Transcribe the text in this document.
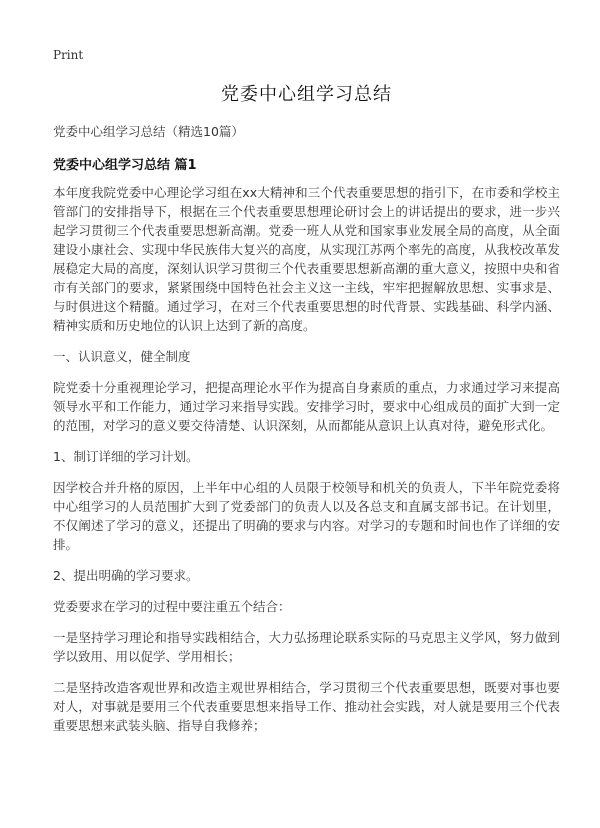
Print
党委中心组学习总结

党委中心组学习总结（精选10篇）

党委中心组学习总结 篇1

本年度我院党委中心理论学习组在xx大精神和三个代表重要思想的指引下，在市委和学校主管部门的安排指导下，根据在三个代表重要思想理论研讨会上的讲话提出的要求，进一步兴起学习贯彻三个代表重要思想新高潮。党委一班人从党和国家事业发展全局的高度，从全面建设小康社会、实现中华民族伟大复兴的高度，从实现江苏两个率先的高度，从我校改革发展稳定大局的高度，深刻认识学习贯彻三个代表重要思想新高潮的重大意义，按照中央和省市有关部门的要求，紧紧围绕中国特色社会主义这一主线，牢牢把握解放思想、实事求是、与时俱进这个精髓。通过学习，在对三个代表重要思想的时代背景、实践基础、科学内涵、精神实质和历史地位的认识上达到了新的高度。

一、认识意义，健全制度

院党委十分重视理论学习，把提高理论水平作为提高自身素质的重点，力求通过学习来提高领导水平和工作能力，通过学习来指导实践。安排学习时，要求中心组成员的面扩大到一定的范围，对学习的意义要交待清楚、认识深刻，从而都能从意识上认真对待，避免形式化。

1、制订详细的学习计划。

因学校合并升格的原因，上半年中心组的人员限于校领导和机关的负责人，下半年院党委将中心组学习的人员范围扩大到了党委部门的负责人以及各总支和直属支部书记。在计划里，不仅阐述了学习的意义，还提出了明确的要求与内容。对学习的专题和时间也作了详细的安排。

2、提出明确的学习要求。

党委要求在学习的过程中要注重五个结合：

一是坚持学习理论和指导实践相结合，大力弘扬理论联系实际的马克思主义学风，努力做到学以致用、用以促学、学用相长；

二是坚持改造客观世界和改造主观世界相结合，学习贯彻三个代表重要思想，既要对事也要对人，对事就是要用三个代表重要思想来指导工作、推动社会实践，对人就是要用三个代表重要思想来武装头脑、指导自我修养；
